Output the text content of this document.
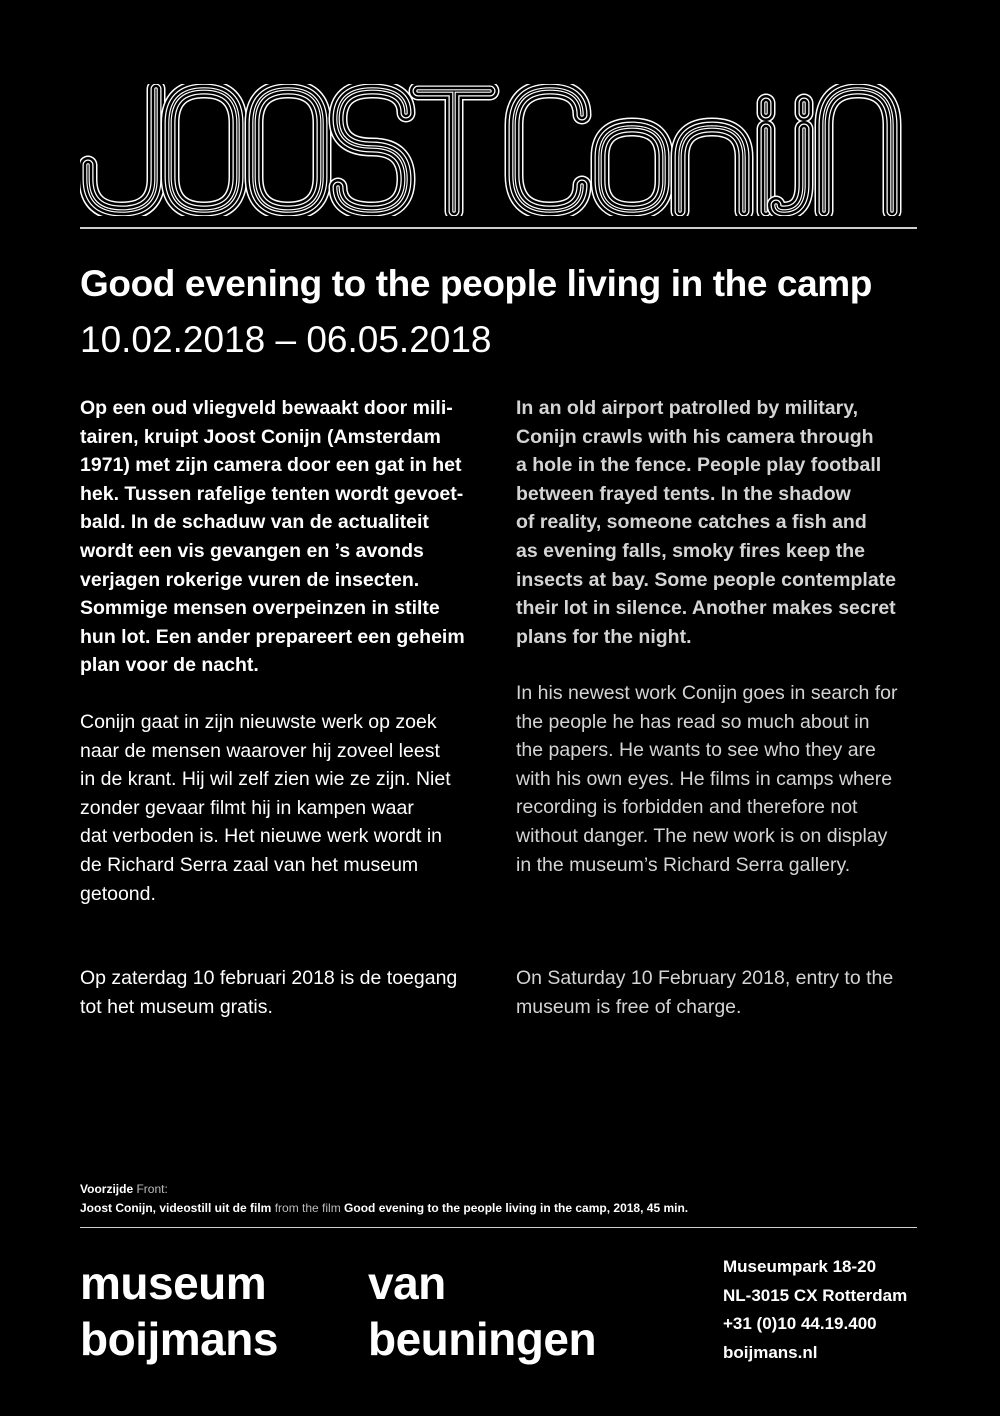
Good evening to the people living in the camp
10.02.2018 – 06.05.2018

Op een oud vliegveld bewaakt door mili-

tairen, kruipt Joost Conijn (Amsterdam

1971) met zijn camera door een gat in het

hek. Tussen rafelige tenten wordt gevoet-

bald. In de schaduw van de actualiteit

wordt een vis gevangen en ’s avonds

verjagen rokerige vuren de insecten.

Sommige mensen overpeinzen in stilte

hun lot. Een ander prepareert een geheim

plan voor de nacht.

Conijn gaat in zijn nieuwste werk op zoek

naar de mensen waarover hij zoveel leest

in de krant. Hij wil zelf zien wie ze zijn. Niet

zonder gevaar filmt hij in kampen waar

dat verboden is. Het nieuwe werk wordt in

de Richard Serra zaal van het museum

getoond.

Op zaterdag 10 februari 2018 is de toegang

tot het museum gratis.

In an old airport patrolled by military,

Conijn crawls with his camera through

a hole in the fence. People play football

between frayed tents. In the shadow

of reality, someone catches a fish and

as evening falls, smoky fires keep the

insects at bay. Some people contemplate

their lot in silence. Another makes secret

plans for the night.

In his newest work Conijn goes in search for

the people he has read so much about in

the papers. He wants to see who they are

with his own eyes. He films in camps where

recording is forbidden and therefore not

without danger. The new work is on display

in the museum’s Richard Serra gallery.

On Saturday 10 February 2018, entry to the

museum is free of charge.

Voorzijde Front:
Joost Conijn, videostill uit de film from the film Good evening to the people living in the camp, 2018, 45 min.
museum
boijmans
van
beuningen
Museumpark 18-20
NL-3015 CX Rotterdam
+31 (0)10 44.19.400
boijmans.nl
